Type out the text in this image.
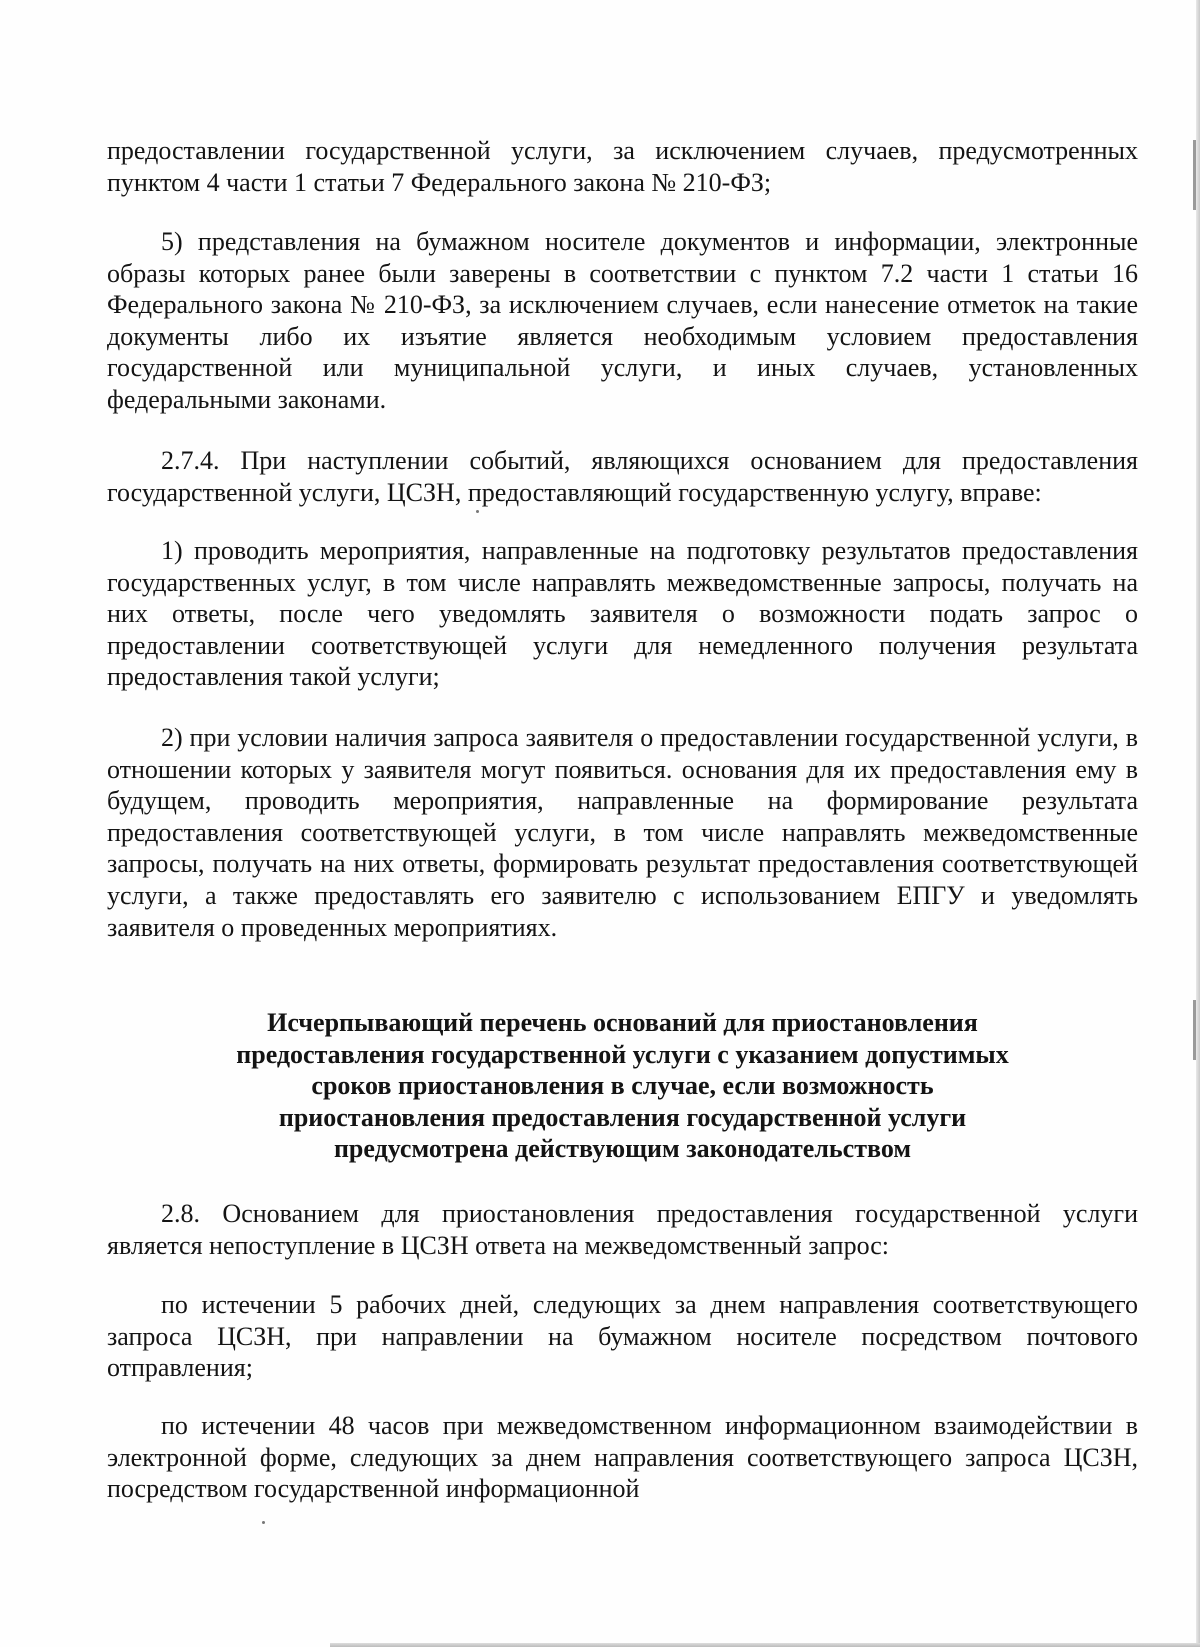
предоставлении государственной услуги, за исключением случаев, предусмотренных пунктом 4 части 1 статьи 7 Федерального закона № 210-ФЗ;

5) представления на бумажном носителе документов и информации, электронные образы которых ранее были заверены в соответствии с пунктом 7.2 части 1 статьи 16 Федерального закона № 210-ФЗ, за исключением случаев, если нанесение отметок на такие документы либо их изъятие является необходимым условием предоставления государственной или муниципальной услуги, и иных случаев, установленных федеральными законами.

2.7.4. При наступлении событий, являющихся основанием для предоставления государственной услуги, ЦСЗН, предоставляющий государственную услугу, вправе:

1) проводить мероприятия, направленные на подготовку результатов предоставления государственных услуг, в том числе направлять межведомственные запросы, получать на них ответы, после чего уведомлять заявителя о возможности подать запрос о предоставлении соответствующей услуги для немедленного получения результата предоставления такой услуги;

2) при условии наличия запроса заявителя о предоставлении государственной услуги, в отношении которых у заявителя могут появиться. основания для их предоставления ему в будущем, проводить мероприятия, направленные на формирование результата предоставления соответствующей услуги, в том числе направлять межведомственные запросы, получать на них ответы, формировать результат предоставления соответствующей услуги, а также предоставлять его заявителю с использованием ЕПГУ и уведомлять заявителя о проведенных мероприятиях.

Исчерпывающий перечень оснований для приостановления
предоставления государственной услуги с указанием допустимых
сроков приостановления в случае, если возможность
приостановления предоставления государственной услуги
предусмотрена действующим законодательством

2.8. Основанием для приостановления предоставления государственной услуги является непоступление в ЦСЗН ответа на межведомственный запрос:

по истечении 5 рабочих дней, следующих за днем направления соответствующего запроса ЦСЗН, при направлении на бумажном носителе посредством почтового отправления;

по истечении 48 часов при межведомственном информационном взаимодействии в электронной форме, следующих за днем направления соответствующего запроса ЦСЗН, посредством государственной информационной
